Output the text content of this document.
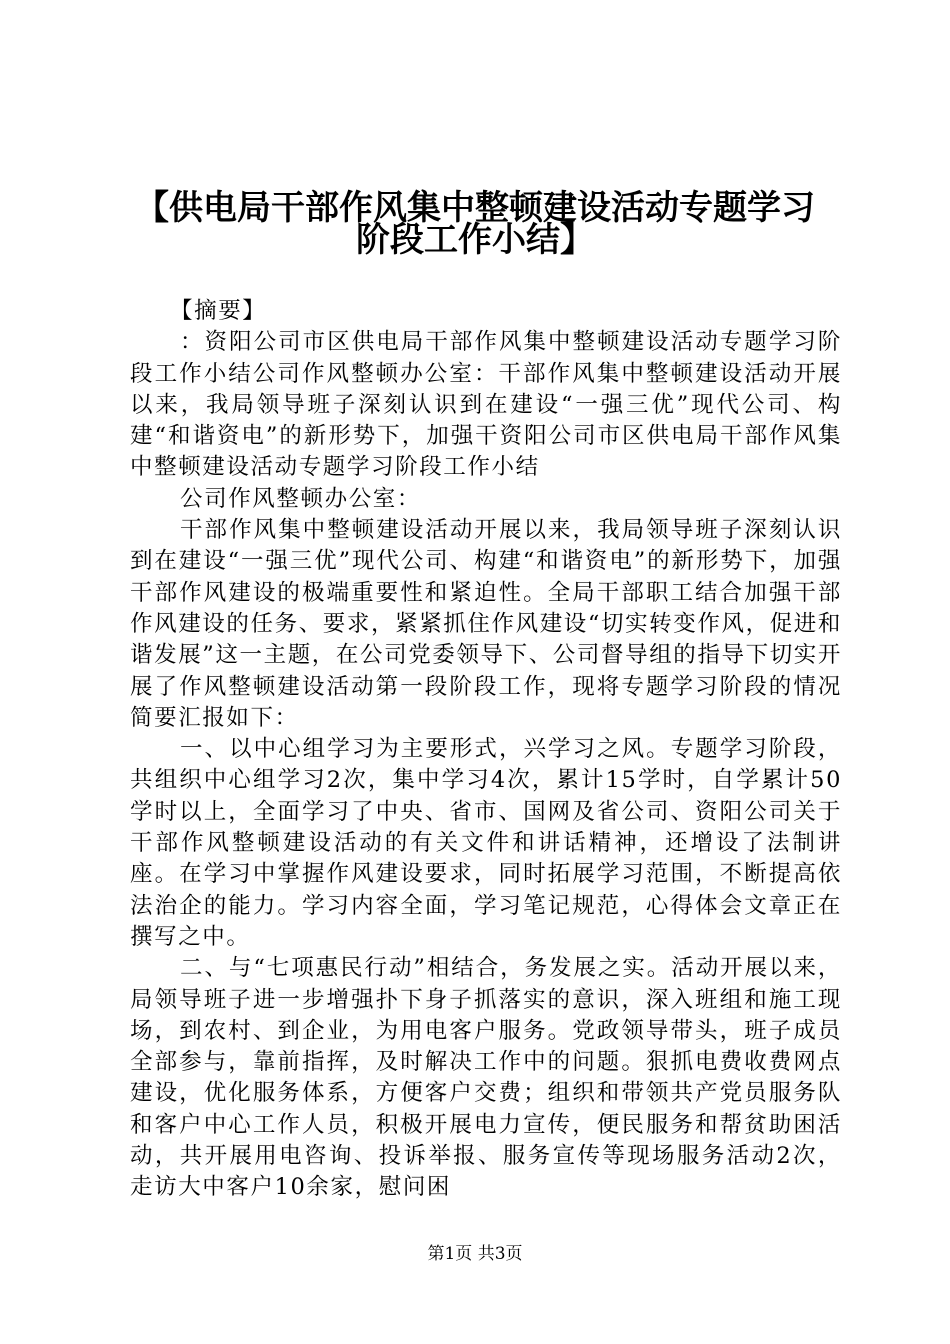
【供电局干部作风集中整顿建设活动专题学习
阶段工作小结】

【摘要】

：资阳公司市区供电局干部作风集中整顿建设活动专题学习阶段工作小结公司作风整顿办公室：干部作风集中整顿建设活动开展以来，我局领导班子深刻认识到在建设“一强三优”现代公司、构建“和谐资电”的新形势下，加强干资阳公司市区供电局干部作风集中整顿建设活动专题学习阶段工作小结

公司作风整顿办公室：

干部作风集中整顿建设活动开展以来，我局领导班子深刻认识到在建设“一强三优”现代公司、构建“和谐资电”的新形势下，加强干部作风建设的极端重要性和紧迫性。全局干部职工结合加强干部作风建设的任务、要求，紧紧抓住作风建设“切实转变作风，促进和谐发展”这一主题，在公司党委领导下、公司督导组的指导下切实开展了作风整顿建设活动第一段阶段工作，现将专题学习阶段的情况简要汇报如下：

一、以中心组学习为主要形式，兴学习之风。专题学习阶段，共组织中心组学习2次，集中学习4次，累计15学时，自学累计50学时以上，全面学习了中央、省市、国网及省公司、资阳公司关于干部作风整顿建设活动的有关文件和讲话精神，还增设了法制讲座。在学习中掌握作风建设要求，同时拓展学习范围，不断提高依法治企的能力。学习内容全面，学习笔记规范，心得体会文章正在撰写之中。

二、与“七项惠民行动”相结合，务发展之实。活动开展以来，局领导班子进一步增强扑下身子抓落实的意识，深入班组和施工现场，到农村、到企业，为用电客户服务。党政领导带头，班子成员全部参与，靠前指挥，及时解决工作中的问题。狠抓电费收费网点建设，优化服务体系，方便客户交费；组织和带领共产党员服务队和客户中心工作人员，积极开展电力宣传，便民服务和帮贫助困活动，共开展用电咨询、投诉举报、服务宣传等现场服务活动2次，走访大中客户10余家，慰问困

第1页 共3页
